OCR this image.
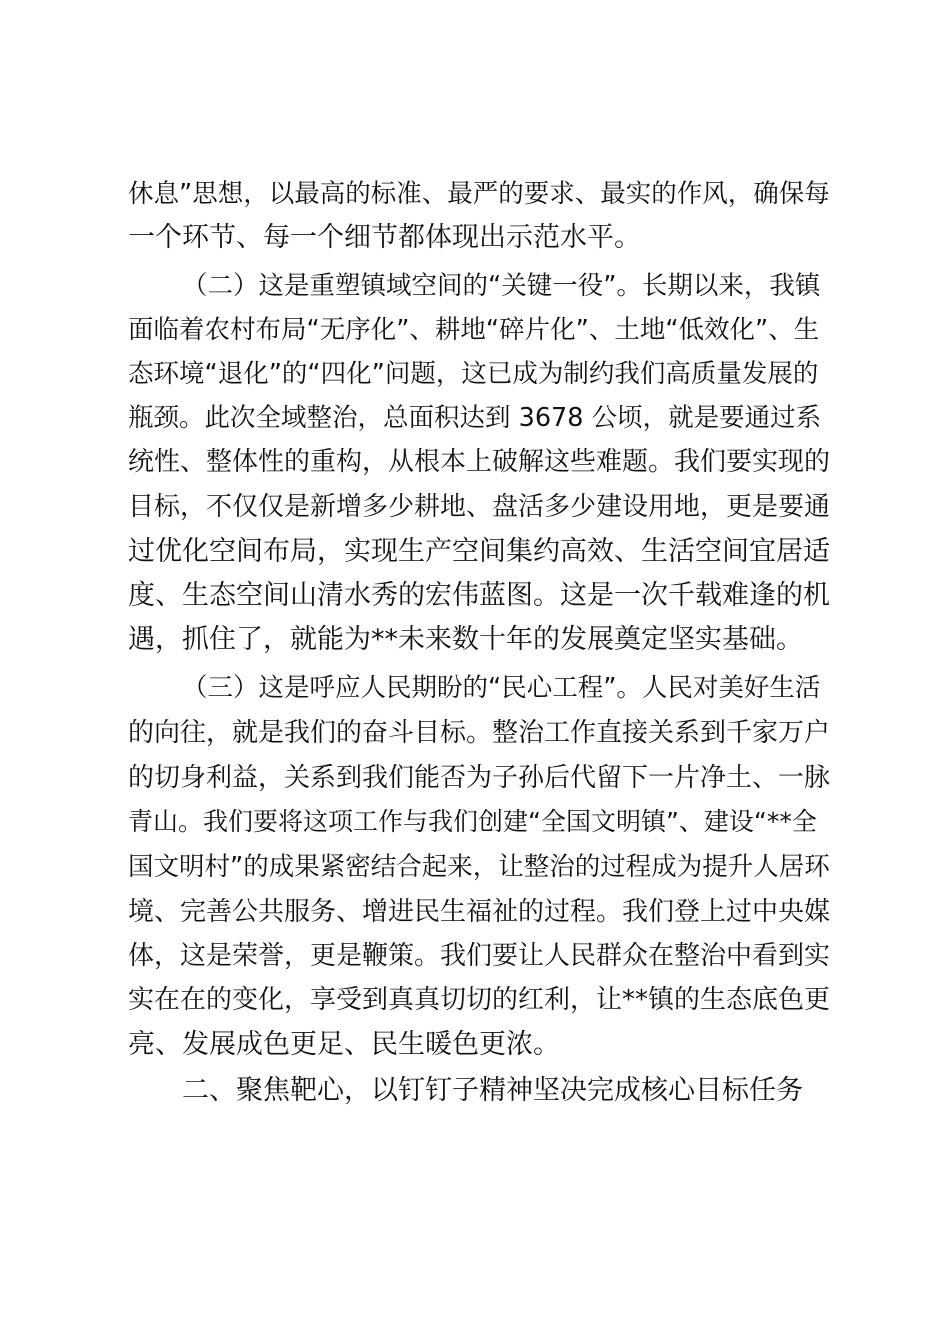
休息”思想，以最高的标准、最严的要求、最实的作风，确保每

一个环节、每一个细节都体现出示范水平。

（二）这是重塑镇域空间的“关键一役”。长期以来，我镇

面临着农村布局“无序化”、耕地“碎片化”、土地“低效化”、生

态环境“退化”的“四化”问题，这已成为制约我们高质量发展的

瓶颈。此次全域整治，总面积达到 3678 公顷，就是要通过系

统性、整体性的重构，从根本上破解这些难题。我们要实现的

目标，不仅仅是新增多少耕地、盘活多少建设用地，更是要通

过优化空间布局，实现生产空间集约高效、生活空间宜居适

度、生态空间山清水秀的宏伟蓝图。这是一次千载难逢的机

遇，抓住了，就能为**未来数十年的发展奠定坚实基础。

（三）这是呼应人民期盼的“民心工程”。人民对美好生活

的向往，就是我们的奋斗目标。整治工作直接关系到千家万户

的切身利益，关系到我们能否为子孙后代留下一片净土、一脉

青山。我们要将这项工作与我们创建“全国文明镇”、建设“**全

国文明村”的成果紧密结合起来，让整治的过程成为提升人居环

境、完善公共服务、增进民生福祉的过程。我们登上过中央媒

体，这是荣誉，更是鞭策。我们要让人民群众在整治中看到实

实在在的变化，享受到真真切切的红利，让**镇的生态底色更

亮、发展成色更足、民生暖色更浓。

二、聚焦靶心，以钉钉子精神坚决完成核心目标任务
